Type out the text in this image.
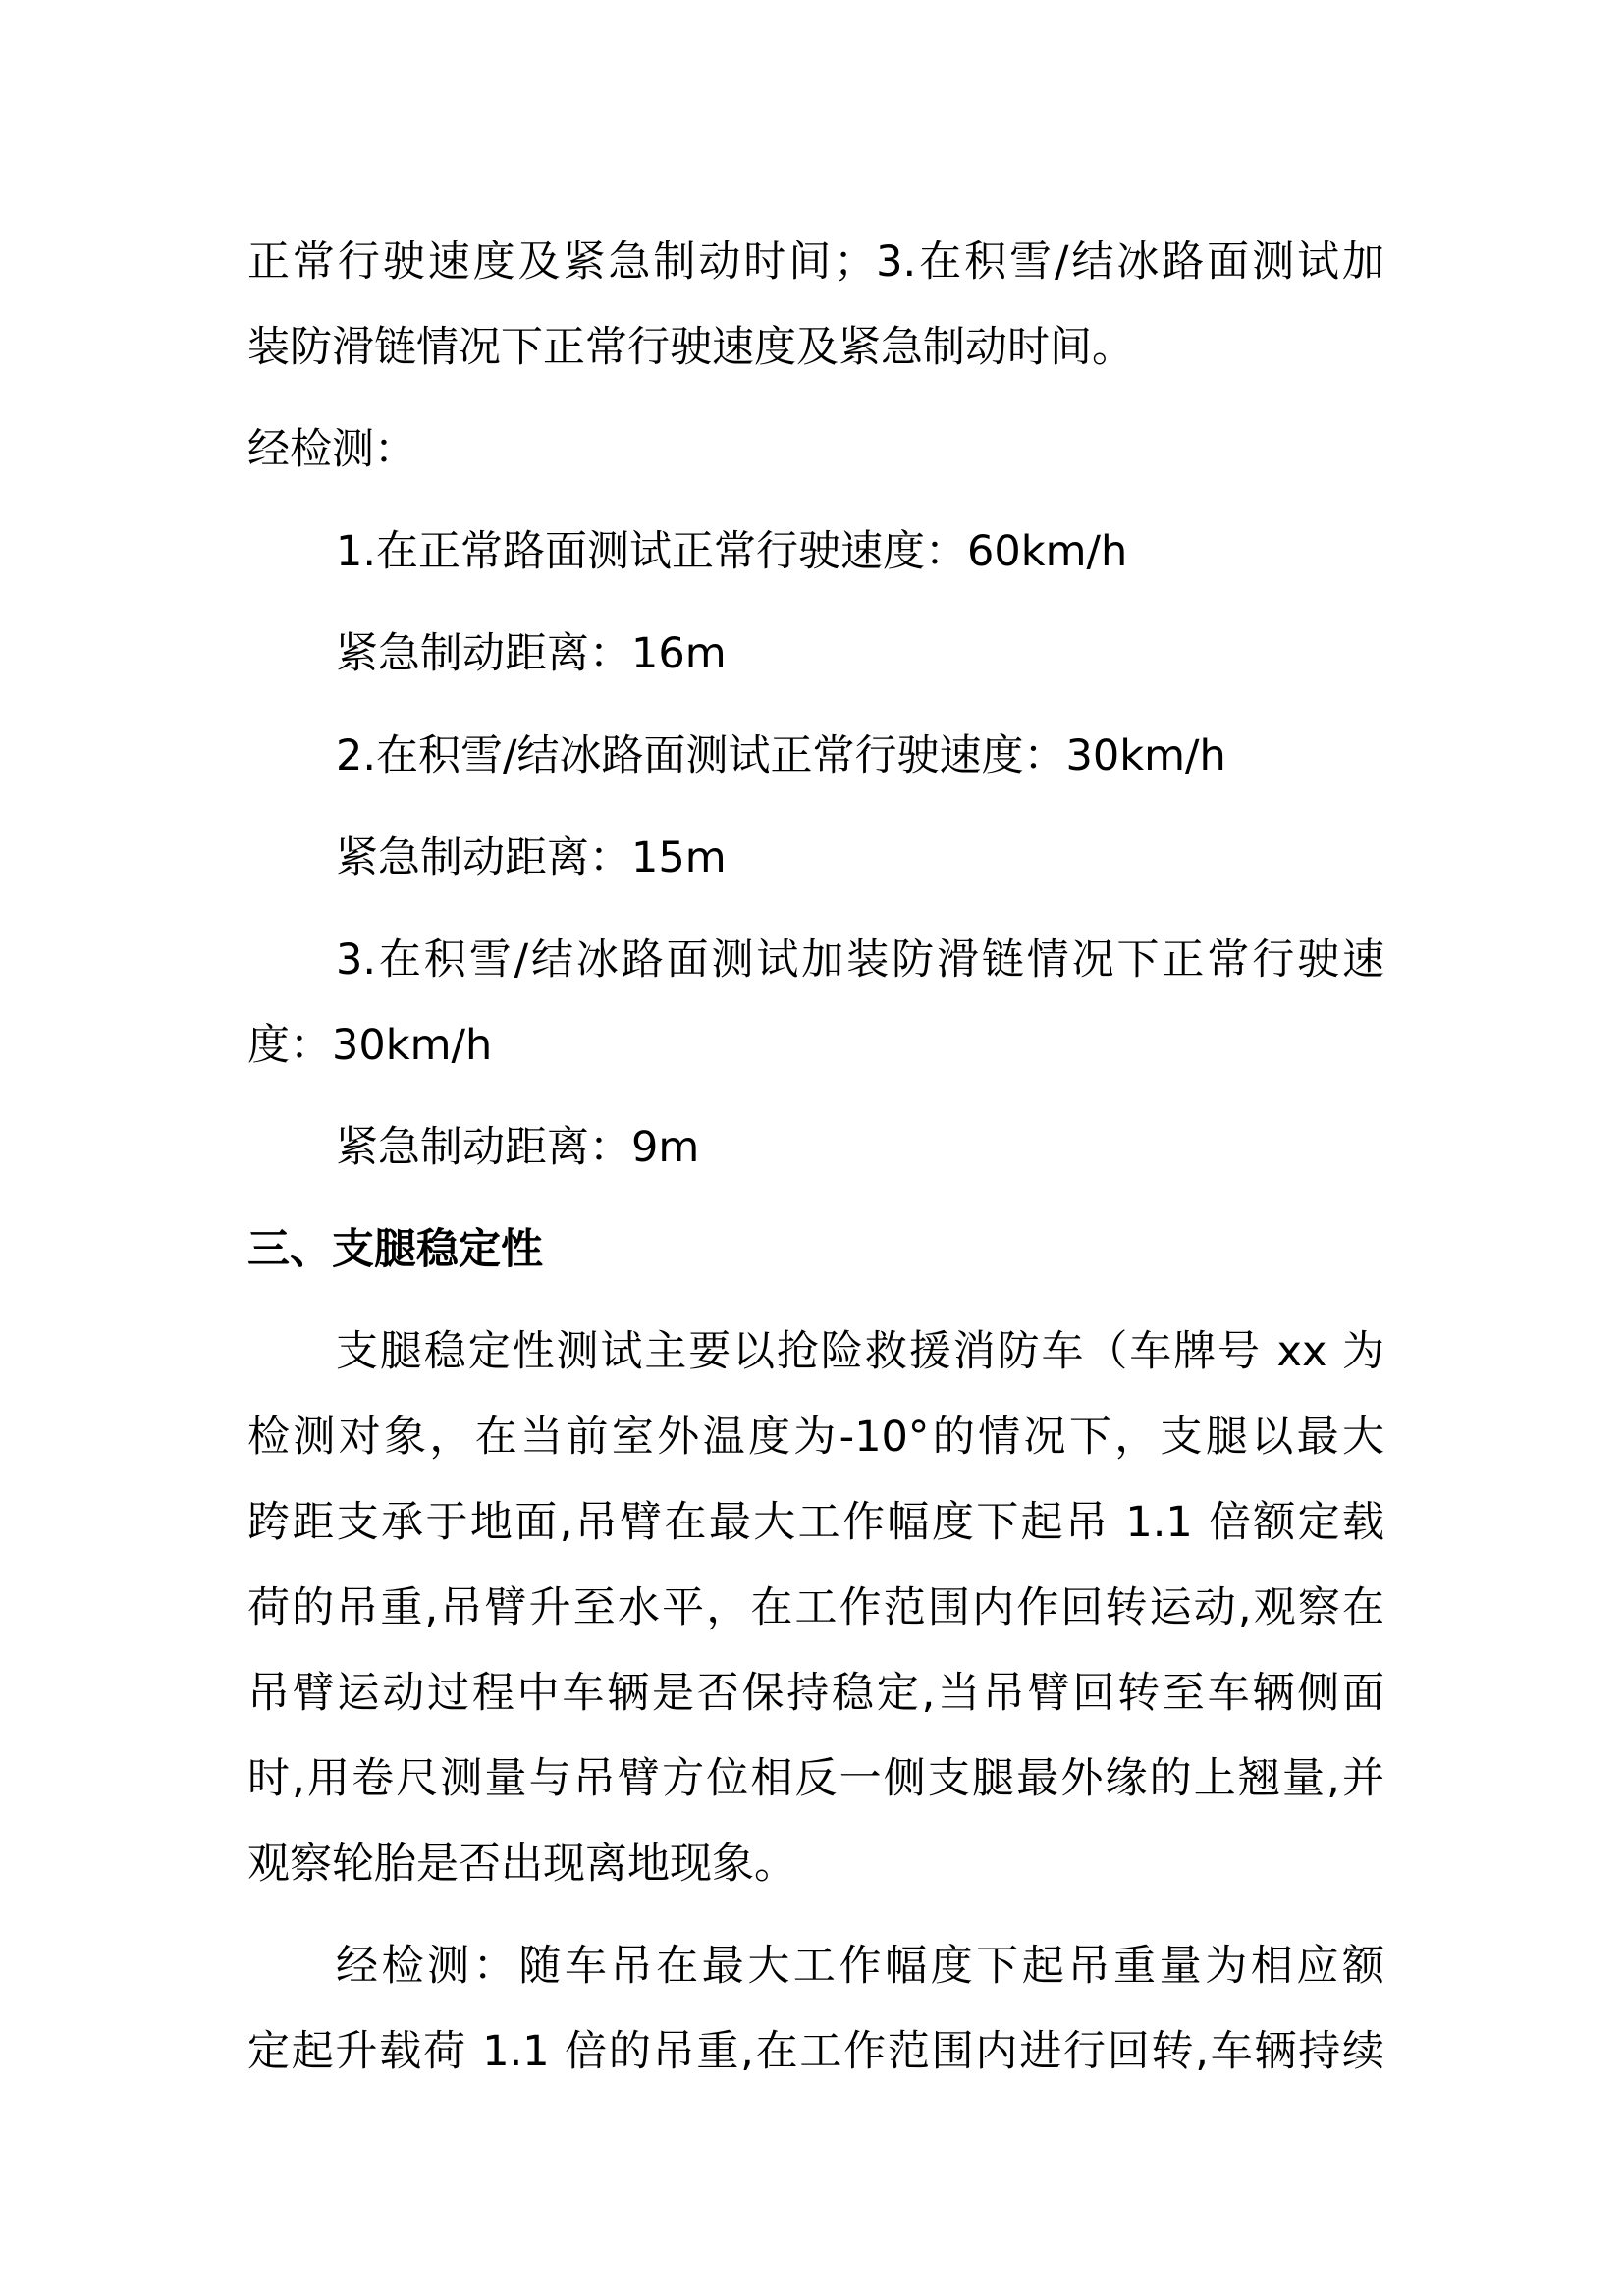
正常行驶速度及紧急制动时间；3.在积雪/结冰路面测试加
装防滑链情况下正常行驶速度及紧急制动时间。
经检测：
1.在正常路面测试正常行驶速度：60km/h
紧急制动距离：16m
2.在积雪/结冰路面测试正常行驶速度：30km/h
紧急制动距离：15m
3.在积雪/结冰路面测试加装防滑链情况下正常行驶速
度：30km/h
紧急制动距离：9m
三、支腿稳定性
支腿稳定性测试主要以抢险救援消防车（车牌号 xx 为
检测对象，在当前室外温度为-10°的情况下，支腿以最大
跨距支承于地面,吊臂在最大工作幅度下起吊 1.1 倍额定载
荷的吊重,吊臂升至水平，在工作范围内作回转运动,观察在
吊臂运动过程中车辆是否保持稳定,当吊臂回转至车辆侧面
时,用卷尺测量与吊臂方位相反一侧支腿最外缘的上翘量,并
观察轮胎是否出现离地现象。
经检测：随车吊在最大工作幅度下起吊重量为相应额
定起升载荷 1.1 倍的吊重,在工作范围内进行回转,车辆持续
